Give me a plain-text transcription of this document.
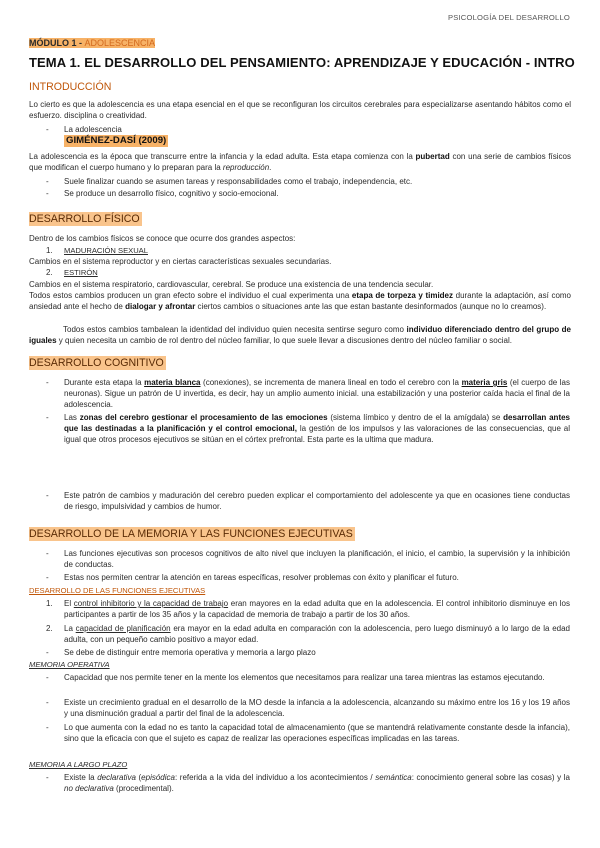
PSICOLOGÍA DEL DESARROLLO
MÓDULO 1 - ADOLESCENCIA
TEMA 1. EL DESARROLLO DEL PENSAMIENTO: APRENDIZAJE Y EDUCACIÓN - INTRO
INTRODUCCIÓN
Lo cierto es que la adolescencia es una etapa esencial en el que se reconfiguran los circuitos cerebrales para especializarse asentando hábitos como el esfuerzo. disciplina o creatividad.
- La adolescencia
GIMÉNEZ-DASÍ (2009)
La adolescencia es la época que transcurre entre la infancia y la edad adulta. Esta etapa comienza con la pubertad con una serie de cambios físicos que modifican el cuerpo humano y lo preparan para la reproducción.
- Suele finalizar cuando se asumen tareas y responsabilidades como el trabajo, independencia, etc.
- Se produce un desarrollo físico, cognitivo y socio-emocional.
DESARROLLO FÍSICO
Dentro de los cambios físicos se conoce que ocurre dos grandes aspectos:
1. MADURACIÓN SEXUAL
Cambios en el sistema reproductor y en ciertas características sexuales secundarias.
2. ESTIRÓN
Cambios en el sistema respiratorio, cardiovascular, cerebral. Se produce una existencia de una tendencia secular.
Todos estos cambios producen un gran efecto sobre el individuo el cual experimenta una etapa de torpeza y timidez durante la adaptación, así como ansiedad ante el hecho de dialogar y afrontar ciertos cambios o situaciones ante las que estan bastante desinformados (aunque no lo creamos).
Todos estos cambios tambalean la identidad del individuo quien necesita sentirse seguro como individuo diferenciado dentro del grupo de iguales y quien necesita un cambio de rol dentro del núcleo familiar, lo que suele llevar a discusiones dentro del núcleo familiar o social.
DESARROLLO COGNITIVO
- Durante esta etapa la materia blanca (conexiones), se incrementa de manera lineal en todo el cerebro con la materia gris (el cuerpo de las neuronas). Sigue un patrón de U invertida, es decir, hay un amplio aumento inicial. una estabilización y una posterior caída hacia el final de la adolescencia.
- Las zonas del cerebro gestionar el procesamiento de las emociones (sistema límbico y dentro de el la amígdala) se desarrollan antes que las destinadas a la planificación y el control emocional, la gestión de los impulsos y las valoraciones de las consecuencias, que al igual que otros procesos ejecutivos se sitúan en el córtex prefrontal. Esta parte es la ultima que madura.
- Este patrón de cambios y maduración del cerebro pueden explicar el comportamiento del adolescente ya que en ocasiones tiene conductas de riesgo, impulsividad y cambios de humor.
DESARROLLO DE LA MEMORIA Y LAS FUNCIONES EJECUTIVAS
- Las funciones ejecutivas son procesos cognitivos de alto nivel que incluyen la planificación, el inicio, el cambio, la supervisión y la inhibición de conductas.
- Estas nos permiten centrar la atención en tareas específicas, resolver problemas con éxito y planificar el futuro.
DESARROLLO DE LAS FUNCIONES EJECUTIVAS
1. El control inhibitorio y la capacidad de trabajo eran mayores en la edad adulta que en la adolescencia. El control inhibitorio disminuye en los participantes a partir de los 35 años y la capacidad de memoria de trabajo a partir de los 30 años.
2. La capacidad de planificación era mayor en la edad adulta en comparación con la adolescencia, pero luego disminuyó a lo largo de la edad adulta, con un pequeño cambio positivo a mayor edad.
- Se debe de distinguir entre memoria operativa y memoria a largo plazo
MEMORIA OPERATIVA
- Capacidad que nos permite tener en la mente los elementos que necesitamos para realizar una tarea mientras las estamos ejecutando.
- Existe un crecimiento gradual en el desarrollo de la MO desde la infancia a la adolescencia, alcanzando su máximo entre los 16 y los 19 años y una disminución gradual a partir del final de la adolescencia.
- Lo que aumenta con la edad no es tanto la capacidad total de almacenamiento (que se mantendrá relativamente constante desde la infancia), sino que la eficacia con que el sujeto es capaz de realizar las operaciones específicas implicadas en las tareas.
MEMORIA A LARGO PLAZO
- Existe la declarativa (episódica: referida a la vida del individuo a los acontecimientos / semántica: conocimiento general sobre las cosas) y la no declarativa (procedimental).
